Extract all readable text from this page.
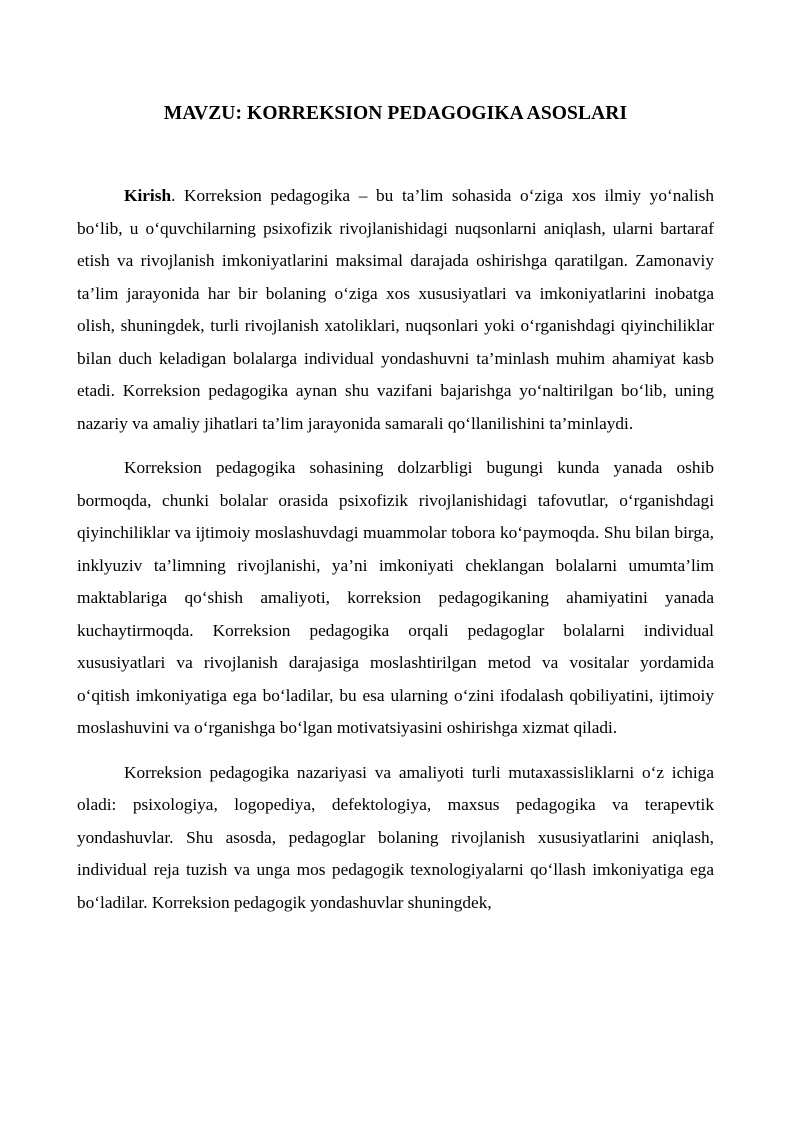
MAVZU: KORREKSION PEDAGOGIKA ASOSLARI

Kirish. Korreksion pedagogika – bu ta’lim sohasida o‘ziga xos ilmiy yo‘nalish bo‘lib, u o‘quvchilarning psixofizik rivojlanishidagi nuqsonlarni aniqlash, ularni bartaraf etish va rivojlanish imkoniyatlarini maksimal darajada oshirishga qaratilgan. Zamonaviy ta’lim jarayonida har bir bolaning o‘ziga xos xususiyatlari va imkoniyatlarini inobatga olish, shuningdek, turli rivojlanish xatoliklari, nuqsonlari yoki o‘rganishdagi qiyinchiliklar bilan duch keladigan bolalarga individual yondashuvni ta’minlash muhim ahamiyat kasb etadi. Korreksion pedagogika aynan shu vazifani bajarishga yo‘naltirilgan bo‘lib, uning nazariy va amaliy jihatlari ta’lim jarayonida samarali qo‘llanilishini ta’minlaydi.

Korreksion pedagogika sohasining dolzarbligi bugungi kunda yanada oshib bormoqda, chunki bolalar orasida psixofizik rivojlanishidagi tafovutlar, o‘rganishdagi qiyinchiliklar va ijtimoiy moslashuvdagi muammolar tobora ko‘paymoqda. Shu bilan birga, inklyuziv ta’limning rivojlanishi, ya’ni imkoniyati cheklangan bolalarni umumta’lim maktablariga qo‘shish amaliyoti, korreksion pedagogikaning ahamiyatini yanada kuchaytirmoqda. Korreksion pedagogika orqali pedagoglar bolalarni individual xususiyatlari va rivojlanish darajasiga moslashtirilgan metod va vositalar yordamida o‘qitish imkoniyatiga ega bo‘ladilar, bu esa ularning o‘zini ifodalash qobiliyatini, ijtimoiy moslashuvini va o‘rganishga bo‘lgan motivatsiyasini oshirishga xizmat qiladi.

Korreksion pedagogika nazariyasi va amaliyoti turli mutaxassisliklarni o‘z ichiga oladi: psixologiya, logopediya, defektologiya, maxsus pedagogika va terapevtik yondashuvlar. Shu asosda, pedagoglar bolaning rivojlanish xususiyatlarini aniqlash, individual reja tuzish va unga mos pedagogik texnologiyalarni qo‘llash imkoniyatiga ega bo‘ladilar. Korreksion pedagogik yondashuvlar shuningdek,
